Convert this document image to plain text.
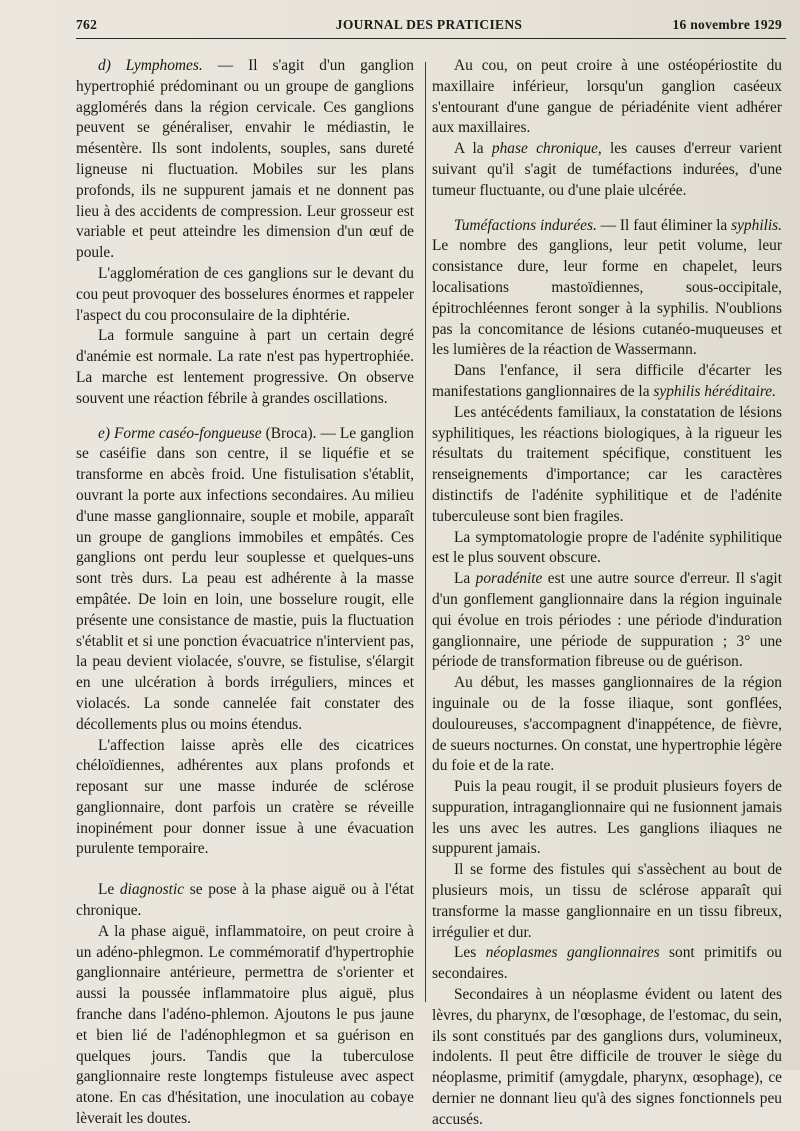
762	JOURNAL DES PRATICIENS	16 novembre 1929

d) Lymphomes. — Il s'agit d'un ganglion hypertrophié prédominant ou un groupe de ganglions agglomérés dans la région cervicale. Ces ganglions peuvent se généraliser, envahir le médiastin, le mésentère. Ils sont indolents, souples, sans dureté ligneuse ni fluctuation. Mobiles sur les plans profonds, ils ne suppurent jamais et ne donnent pas lieu à des accidents de compression. Leur grosseur est variable et peut atteindre les dimension d'un œuf de poule.

L'agglomération de ces ganglions sur le devant du cou peut provoquer des bosselures énormes et rappeler l'aspect du cou proconsulaire de la diphtérie.

La formule sanguine à part un certain degré d'anémie est normale. La rate n'est pas hypertrophiée. La marche est lentement progressive. On observe souvent une réaction fébrile à grandes oscillations.

e) Forme caséo-fongueuse (Broca). — Le ganglion se caséifie dans son centre, il se liquéfie et se transforme en abcès froid. Une fistulisation s'établit, ouvrant la porte aux infections secondaires. Au milieu d'une masse ganglionnaire, souple et mobile, apparaît un groupe de ganglions immobiles et empâtés. Ces ganglions ont perdu leur souplesse et quelques-uns sont très durs. La peau est adhérente à la masse empâtée. De loin en loin, une bosselure rougit, elle présente une consistance de mastie, puis la fluctuation s'établit et si une ponction évacuatrice n'intervient pas, la peau devient violacée, s'ouvre, se fistulise, s'élargit en une ulcération à bords irréguliers, minces et violacés. La sonde cannelée fait constater des décollements plus ou moins étendus.

L'affection laisse après elle des cicatrices chéloïdiennes, adhérentes aux plans profonds et reposant sur une masse indurée de sclérose ganglionnaire, dont parfois un cratère se réveille inopinément pour donner issue à une évacuation purulente temporaire.

Le diagnostic se pose à la phase aiguë ou à l'état chronique.

A la phase aiguë, inflammatoire, on peut croire à un adéno-phlegmon. Le commémoratif d'hypertrophie ganglionnaire antérieure, permettra de s'orienter et aussi la poussée inflammatoire plus aiguë, plus franche dans l'adéno-phlemon. Ajoutons le pus jaune et bien lié de l'adénophlegmon et sa guérison en quelques jours. Tandis que la tuberculose ganglionnaire reste longtemps fistuleuse avec aspect atone. En cas d'hésitation, une inoculation au cobaye lèverait les doutes.

Au cou, on peut croire à une ostéopériostite du maxillaire inférieur, lorsqu'un ganglion caséeux s'entourant d'une gangue de périadénite vient adhérer aux maxillaires.

A la phase chronique, les causes d'erreur varient suivant qu'il s'agit de tuméfactions indurées, d'une tumeur fluctuante, ou d'une plaie ulcérée.

Tuméfactions indurées. — Il faut éliminer la syphilis. Le nombre des ganglions, leur petit volume, leur consistance dure, leur forme en chapelet, leurs localisations mastoïdiennes, sous-occipitale, épitrochléennes feront songer à la syphilis. N'oublions pas la concomitance de lésions cutanéo-muqueuses et les lumières de la réaction de Wassermann.

Dans l'enfance, il sera difficile d'écarter les manifestations ganglionnaires de la syphilis héréditaire.

Les antécédents familiaux, la constatation de lésions syphilitiques, les réactions biologiques, à la rigueur les résultats du traitement spécifique, constituent les renseignements d'importance; car les caractères distinctifs de l'adénite syphilitique et de l'adénite tuberculeuse sont bien fragiles.

La symptomatologie propre de l'adénite syphilitique est le plus souvent obscure.

La poradénite est une autre source d'erreur. Il s'agit d'un gonflement ganglionnaire dans la région inguinale qui évolue en trois périodes : une période d'induration ganglionnaire, une période de suppuration ; 3° une période de transformation fibreuse ou de guérison.

Au début, les masses ganglionnaires de la région inguinale ou de la fosse iliaque, sont gonflées, douloureuses, s'accompagnent d'inappétence, de fièvre, de sueurs nocturnes. On constat, une hypertrophie légère du foie et de la rate.

Puis la peau rougit, il se produit plusieurs foyers de suppuration, intraganglionnaire qui ne fusionnent jamais les uns avec les autres. Les ganglions iliaques ne suppurent jamais.

Il se forme des fistules qui s'assèchent au bout de plusieurs mois, un tissu de sclérose apparaît qui transforme la masse ganglionnaire en un tissu fibreux, irrégulier et dur.

Les néoplasmes ganglionnaires sont primitifs ou secondaires.

Secondaires à un néoplasme évident ou latent des lèvres, du pharynx, de l'œsophage, de l'estomac, du sein, ils sont constitués par des ganglions durs, volumineux, indolents. Il peut être difficile de trouver le siège du néoplasme, primitif (amygdale, pharynx, œsophage), ce dernier ne donnant lieu qu'à des signes fonctionnels peu accusés.
